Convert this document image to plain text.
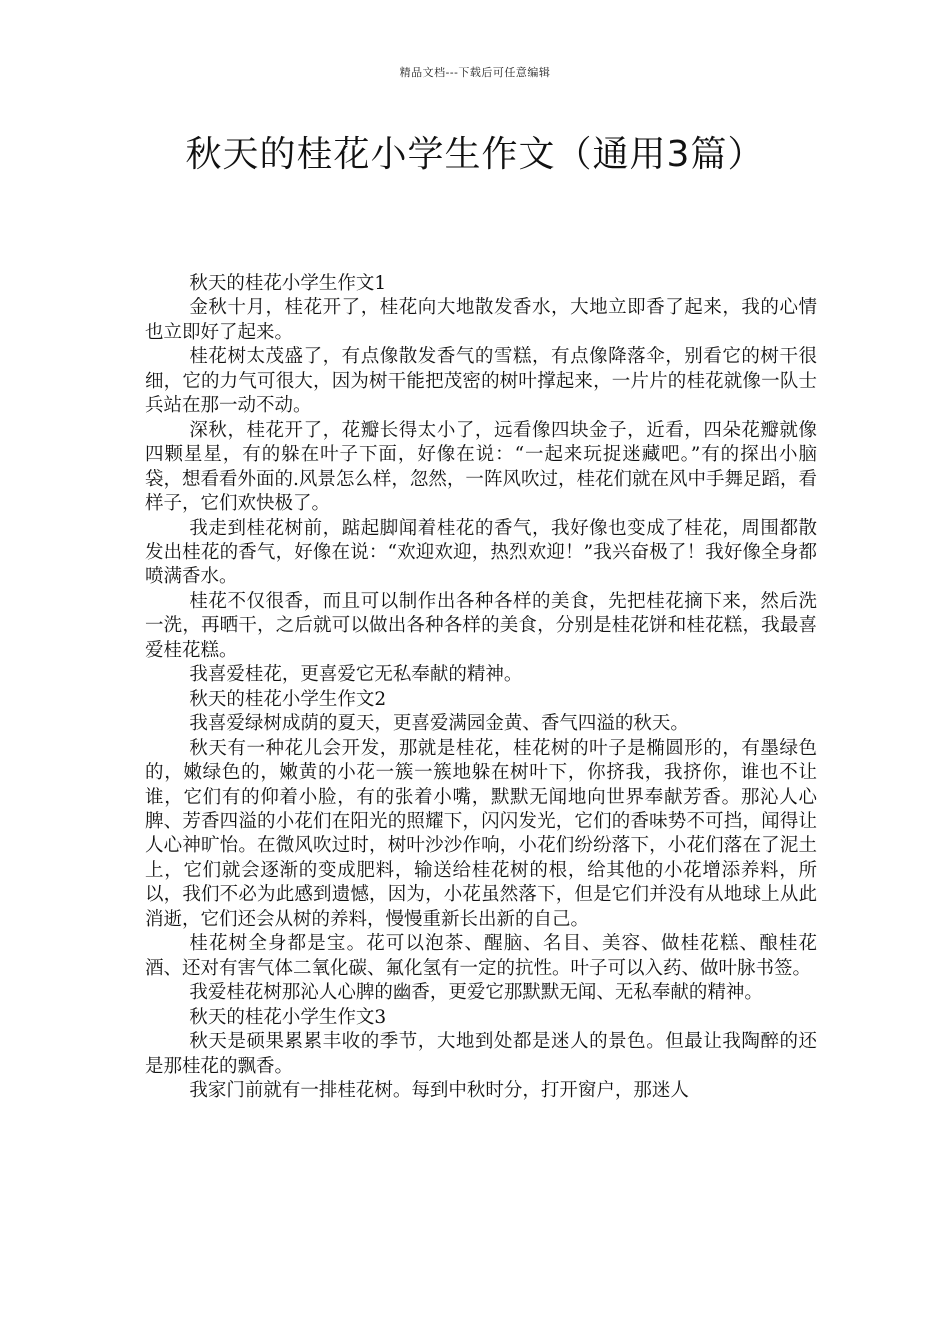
精品文档---下载后可任意编辑
秋天的桂花小学生作文（通用3篇）

秋天的桂花小学生作文1

金秋十月，桂花开了，桂花向大地散发香水，大地立即香了起来，我的心情也立即好了起来。

桂花树太茂盛了，有点像散发香气的雪糕，有点像降落伞，别看它的树干很细，它的力气可很大，因为树干能把茂密的树叶撑起来，一片片的桂花就像一队士兵站在那一动不动。

深秋，桂花开了，花瓣长得太小了，远看像四块金子，近看，四朵花瓣就像四颗星星，有的躲在叶子下面，好像在说：“一起来玩捉迷藏吧。”有的探出小脑袋，想看看外面的.风景怎么样，忽然，一阵风吹过，桂花们就在风中手舞足蹈，看样子，它们欢快极了。

我走到桂花树前，踮起脚闻着桂花的香气，我好像也变成了桂花，周围都散发出桂花的香气，好像在说：“欢迎欢迎，热烈欢迎！”我兴奋极了！我好像全身都喷满香水。

桂花不仅很香，而且可以制作出各种各样的美食，先把桂花摘下来，然后洗一洗，再晒干，之后就可以做出各种各样的美食，分别是桂花饼和桂花糕，我最喜爱桂花糕。

我喜爱桂花，更喜爱它无私奉献的精神。

秋天的桂花小学生作文2

我喜爱绿树成荫的夏天，更喜爱满园金黄、香气四溢的秋天。

秋天有一种花儿会开发，那就是桂花，桂花树的叶子是椭圆形的，有墨绿色的，嫩绿色的，嫩黄的小花一簇一簇地躲在树叶下，你挤我，我挤你，谁也不让谁，它们有的仰着小脸，有的张着小嘴，默默无闻地向世界奉献芳香。那沁人心脾、芳香四溢的小花们在阳光的照耀下，闪闪发光，它们的香味势不可挡，闻得让人心神旷怡。在微风吹过时，树叶沙沙作响，小花们纷纷落下，小花们落在了泥土上，它们就会逐渐的变成肥料，输送给桂花树的根，给其他的小花增添养料，所以，我们不必为此感到遗憾，因为，小花虽然落下，但是它们并没有从地球上从此消逝，它们还会从树的养料，慢慢重新长出新的自己。

桂花树全身都是宝。花可以泡茶、醒脑、名目、美容、做桂花糕、酿桂花酒、还对有害气体二氧化碳、氟化氢有一定的抗性。叶子可以入药、做叶脉书签。

我爱桂花树那沁人心脾的幽香，更爱它那默默无闻、无私奉献的精神。

秋天的桂花小学生作文3

秋天是硕果累累丰收的季节，大地到处都是迷人的景色。但最让我陶醉的还是那桂花的飘香。

我家门前就有一排桂花树。每到中秋时分，打开窗户，那迷人
